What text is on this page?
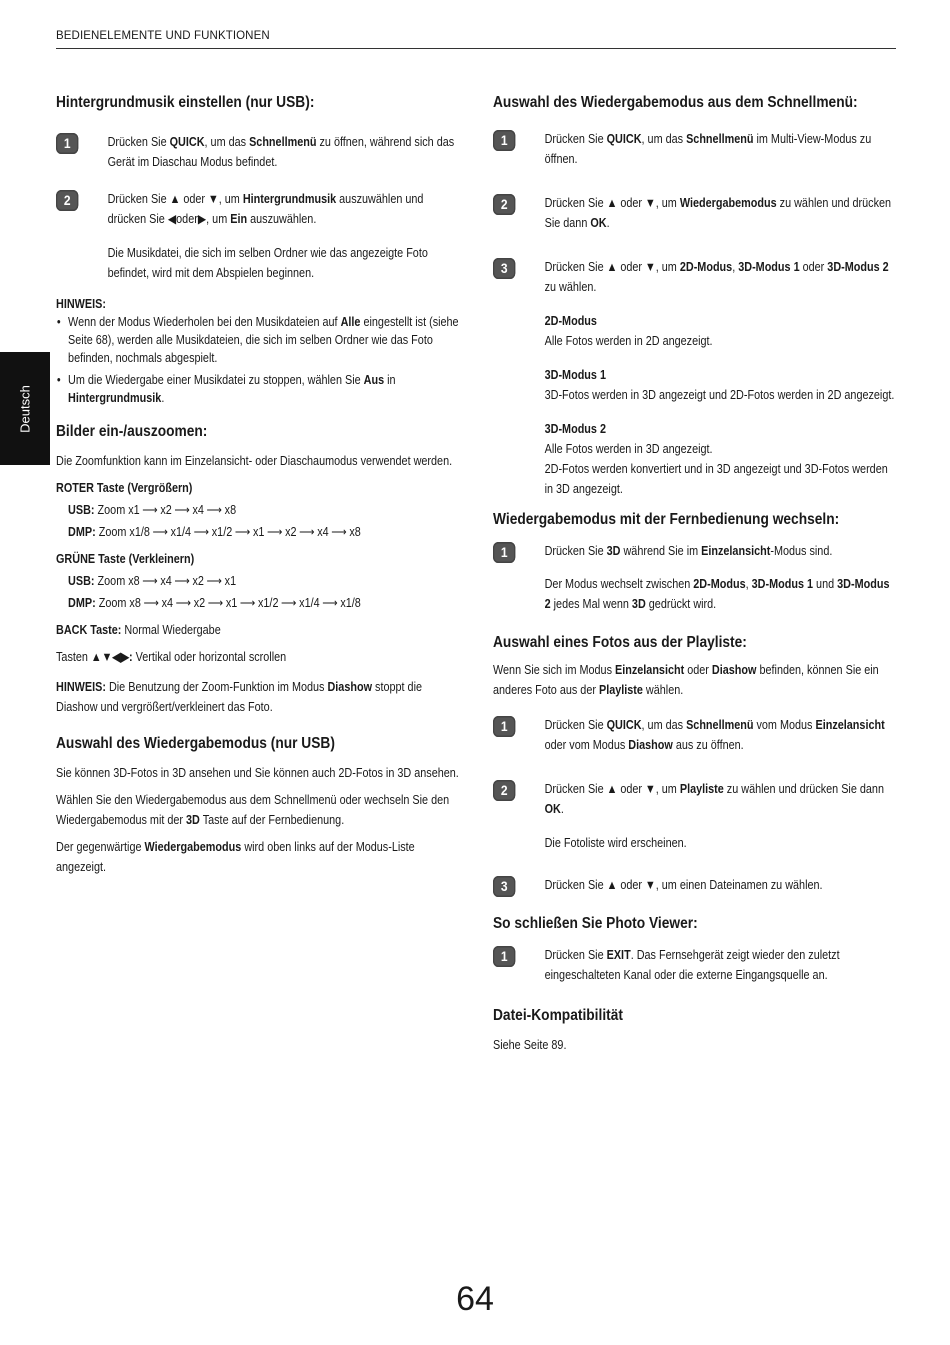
BEDIENELEMENTE UND FUNKTIONEN
Deutsch
Hintergrundmusik einstellen (nur USB):
1	Drücken Sie QUICK, um das Schnellmenü zu öffnen, während sich das Gerät im Diaschau Modus befindet.

2	Drücken Sie ▲ oder ▼, um Hintergrundmusik auszuwählen und drücken Sie ◀oder▶, um Ein auszuwählen.

Die Musikdatei, die sich im selben Ordner wie das angezeigte Foto befindet, wird mit dem Abspielen beginnen.

HINWEIS:

• Wenn der Modus Wiederholen bei den Musikdateien auf Alle eingestellt ist (siehe Seite 68), werden alle Musikdateien, die sich im selben Ordner wie das Foto befinden, nochmals abgespielt.
• Um die Wiedergabe einer Musikdatei zu stoppen, wählen Sie Aus in Hintergrundmusik.
Bilder ein-/auszoomen:

Die Zoomfunktion kann im Einzelansicht- oder Diaschaumodus verwendet werden.

ROTER Taste (Vergrößern)

USB: Zoom x1 ⟶ x2 ⟶ x4 ⟶ x8

DMP: Zoom x1/8 ⟶ x1/4 ⟶ x1/2 ⟶ x1 ⟶ x2 ⟶ x4 ⟶ x8

GRÜNE Taste (Verkleinern)

USB: Zoom x8 ⟶ x4 ⟶ x2 ⟶ x1

DMP: Zoom x8 ⟶ x4 ⟶ x2 ⟶ x1 ⟶ x1/2 ⟶ x1/4 ⟶ x1/8

BACK Taste: Normal Wiedergabe

Tasten ▲▼◀▶: Vertikal oder horizontal scrollen

HINWEIS: Die Benutzung der Zoom-Funktion im Modus Diashow stoppt die Diashow und vergrößert/verkleinert das Foto.

Auswahl des Wiedergabemodus (nur USB)

Sie können 3D-Fotos in 3D ansehen und Sie können auch 2D-Fotos in 3D ansehen.

Wählen Sie den Wiedergabemodus aus dem Schnellmenü oder wechseln Sie den Wiedergabemodus mit der 3D Taste auf der Fernbedienung.

Der gegenwärtige Wiedergabemodus wird oben links auf der Modus-Liste angezeigt.

Auswahl des Wiedergabemodus aus dem Schnellmenü:
1	Drücken Sie QUICK, um das Schnellmenü im Multi-View-Modus zu öffnen.

2	Drücken Sie ▲ oder ▼, um Wiedergabemodus zu wählen und drücken Sie dann OK.

3	Drücken Sie ▲ oder ▼, um 2D-Modus, 3D-Modus 1 oder 3D-Modus 2 zu wählen.

2D-Modus

Alle Fotos werden in 2D angezeigt.

3D-Modus 1

3D-Fotos werden in 3D angezeigt und 2D-Fotos werden in 2D angezeigt.

3D-Modus 2

Alle Fotos werden in 3D angezeigt.

2D-Fotos werden konvertiert und in 3D angezeigt und 3D-Fotos werden in 3D angezeigt.

Wiedergabemodus mit der Fernbedienung wechseln:
1	Drücken Sie 3D während Sie im Einzelansicht-Modus sind.

Der Modus wechselt zwischen 2D-Modus, 3D-Modus 1 und 3D-Modus 2 jedes Mal wenn 3D gedrückt wird.

Auswahl eines Fotos aus der Playliste:

Wenn Sie sich im Modus Einzelansicht oder Diashow befinden, können Sie ein anderes Foto aus der Playliste wählen.

1	Drücken Sie QUICK, um das Schnellmenü vom Modus Einzelansicht oder vom Modus Diashow aus zu öffnen.

2	Drücken Sie ▲ oder ▼, um Playliste zu wählen und drücken Sie dann OK.

Die Fotoliste wird erscheinen.

3	Drücken Sie ▲ oder ▼, um einen Dateinamen zu wählen.

So schließen Sie Photo Viewer:
1	Drücken Sie EXIT. Das Fernsehgerät zeigt wieder den zuletzt eingeschalteten Kanal oder die externe Eingangsquelle an.

Datei-Kompatibilität

Siehe Seite 89.

64
